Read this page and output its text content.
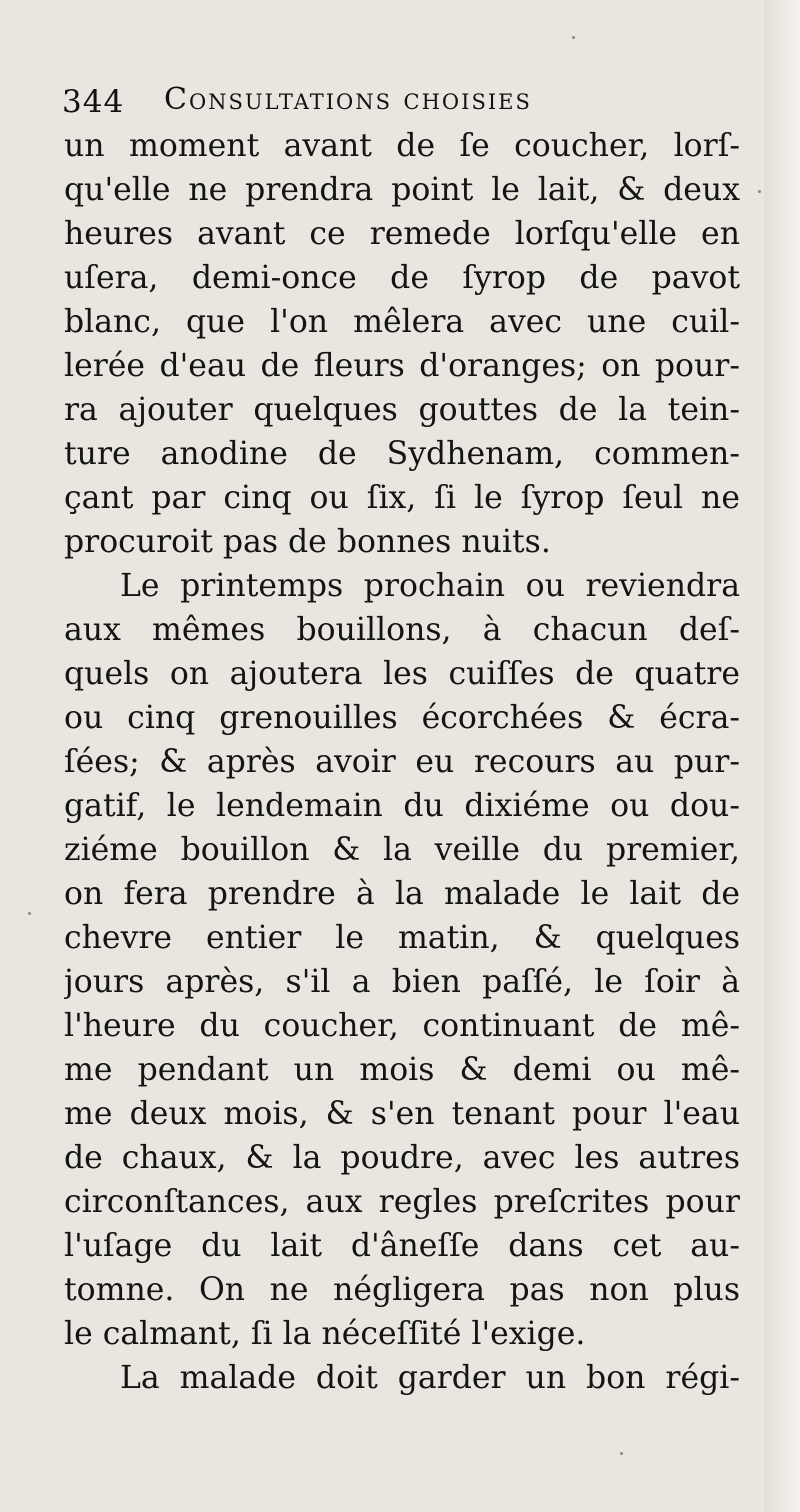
344 Consultations choisies
un moment avant de ſe coucher, lorſ-
qu'elle ne prendra point le lait, & deux
heures avant ce remede lorſqu'elle en
uſera, demi-once de ſyrop de pavot
blanc, que l'on mêlera avec une cuil-
lerée d'eau de fleurs d'oranges; on pour-
ra ajouter quelques gouttes de la tein-
ture anodine de Sydhenam, commen-
çant par cinq ou ſix, ſi le ſyrop ſeul ne
procuroit pas de bonnes nuits.
Le printemps prochain ou reviendra
aux mêmes bouillons, à chacun deſ-
quels on ajoutera les cuiſſes de quatre
ou cinq grenouilles écorchées & écra-
ſées; & après avoir eu recours au pur-
gatif, le lendemain du dixiéme ou dou-
ziéme bouillon & la veille du premier,
on fera prendre à la malade le lait de
chevre entier le matin, & quelques
jours après, s'il a bien paſſé, le ſoir à
l'heure du coucher, continuant de mê-
me pendant un mois & demi ou mê-
me deux mois, & s'en tenant pour l'eau
de chaux, & la poudre, avec les autres
circonſtances, aux regles preſcrites pour
l'uſage du lait d'âneſſe dans cet au-
tomne. On ne négligera pas non plus
le calmant, ſi la néceſſité l'exige.
La malade doit garder un bon régi-
